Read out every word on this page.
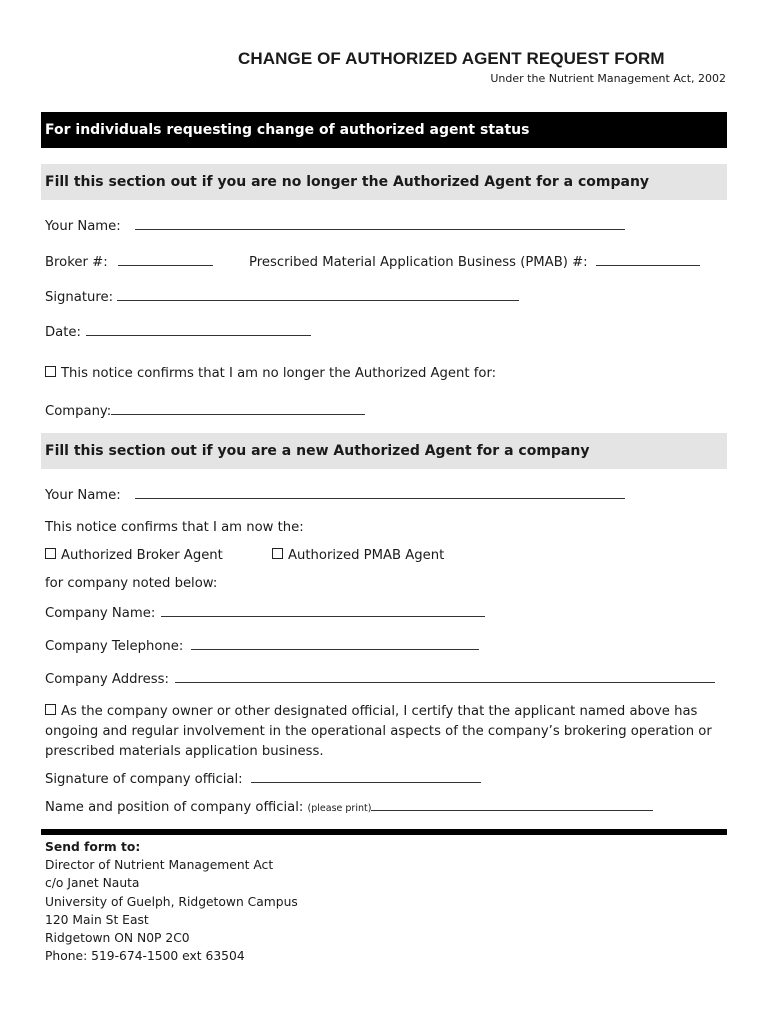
CHANGE OF AUTHORIZED AGENT REQUEST FORM
Under the Nutrient Management Act, 2002
For individuals requesting change of authorized agent status
Fill this section out if you are no longer the Authorized Agent for a company
Your Name:
Broker #:	Prescribed Material Application Business (PMAB) #:
Signature:
Date:
This notice confirms that I am no longer the Authorized Agent for:
Company:
Fill this section out if you are a new Authorized Agent for a company
Your Name:
This notice confirms that I am now the:
Authorized Broker Agent	Authorized PMAB Agent
for company noted below:
Company Name:
Company Telephone:
Company Address:
As the company owner or other designated official, I certify that the applicant named above has ongoing and regular involvement in the operational aspects of the company’s brokering operation or prescribed materials application business.
Signature of company official:
Name and position of company official: (please print)
Send form to:
Director of Nutrient Management Act
c/o Janet Nauta
University of Guelph, Ridgetown Campus
120 Main St East
Ridgetown ON N0P 2C0
Phone: 519-674-1500 ext 63504
